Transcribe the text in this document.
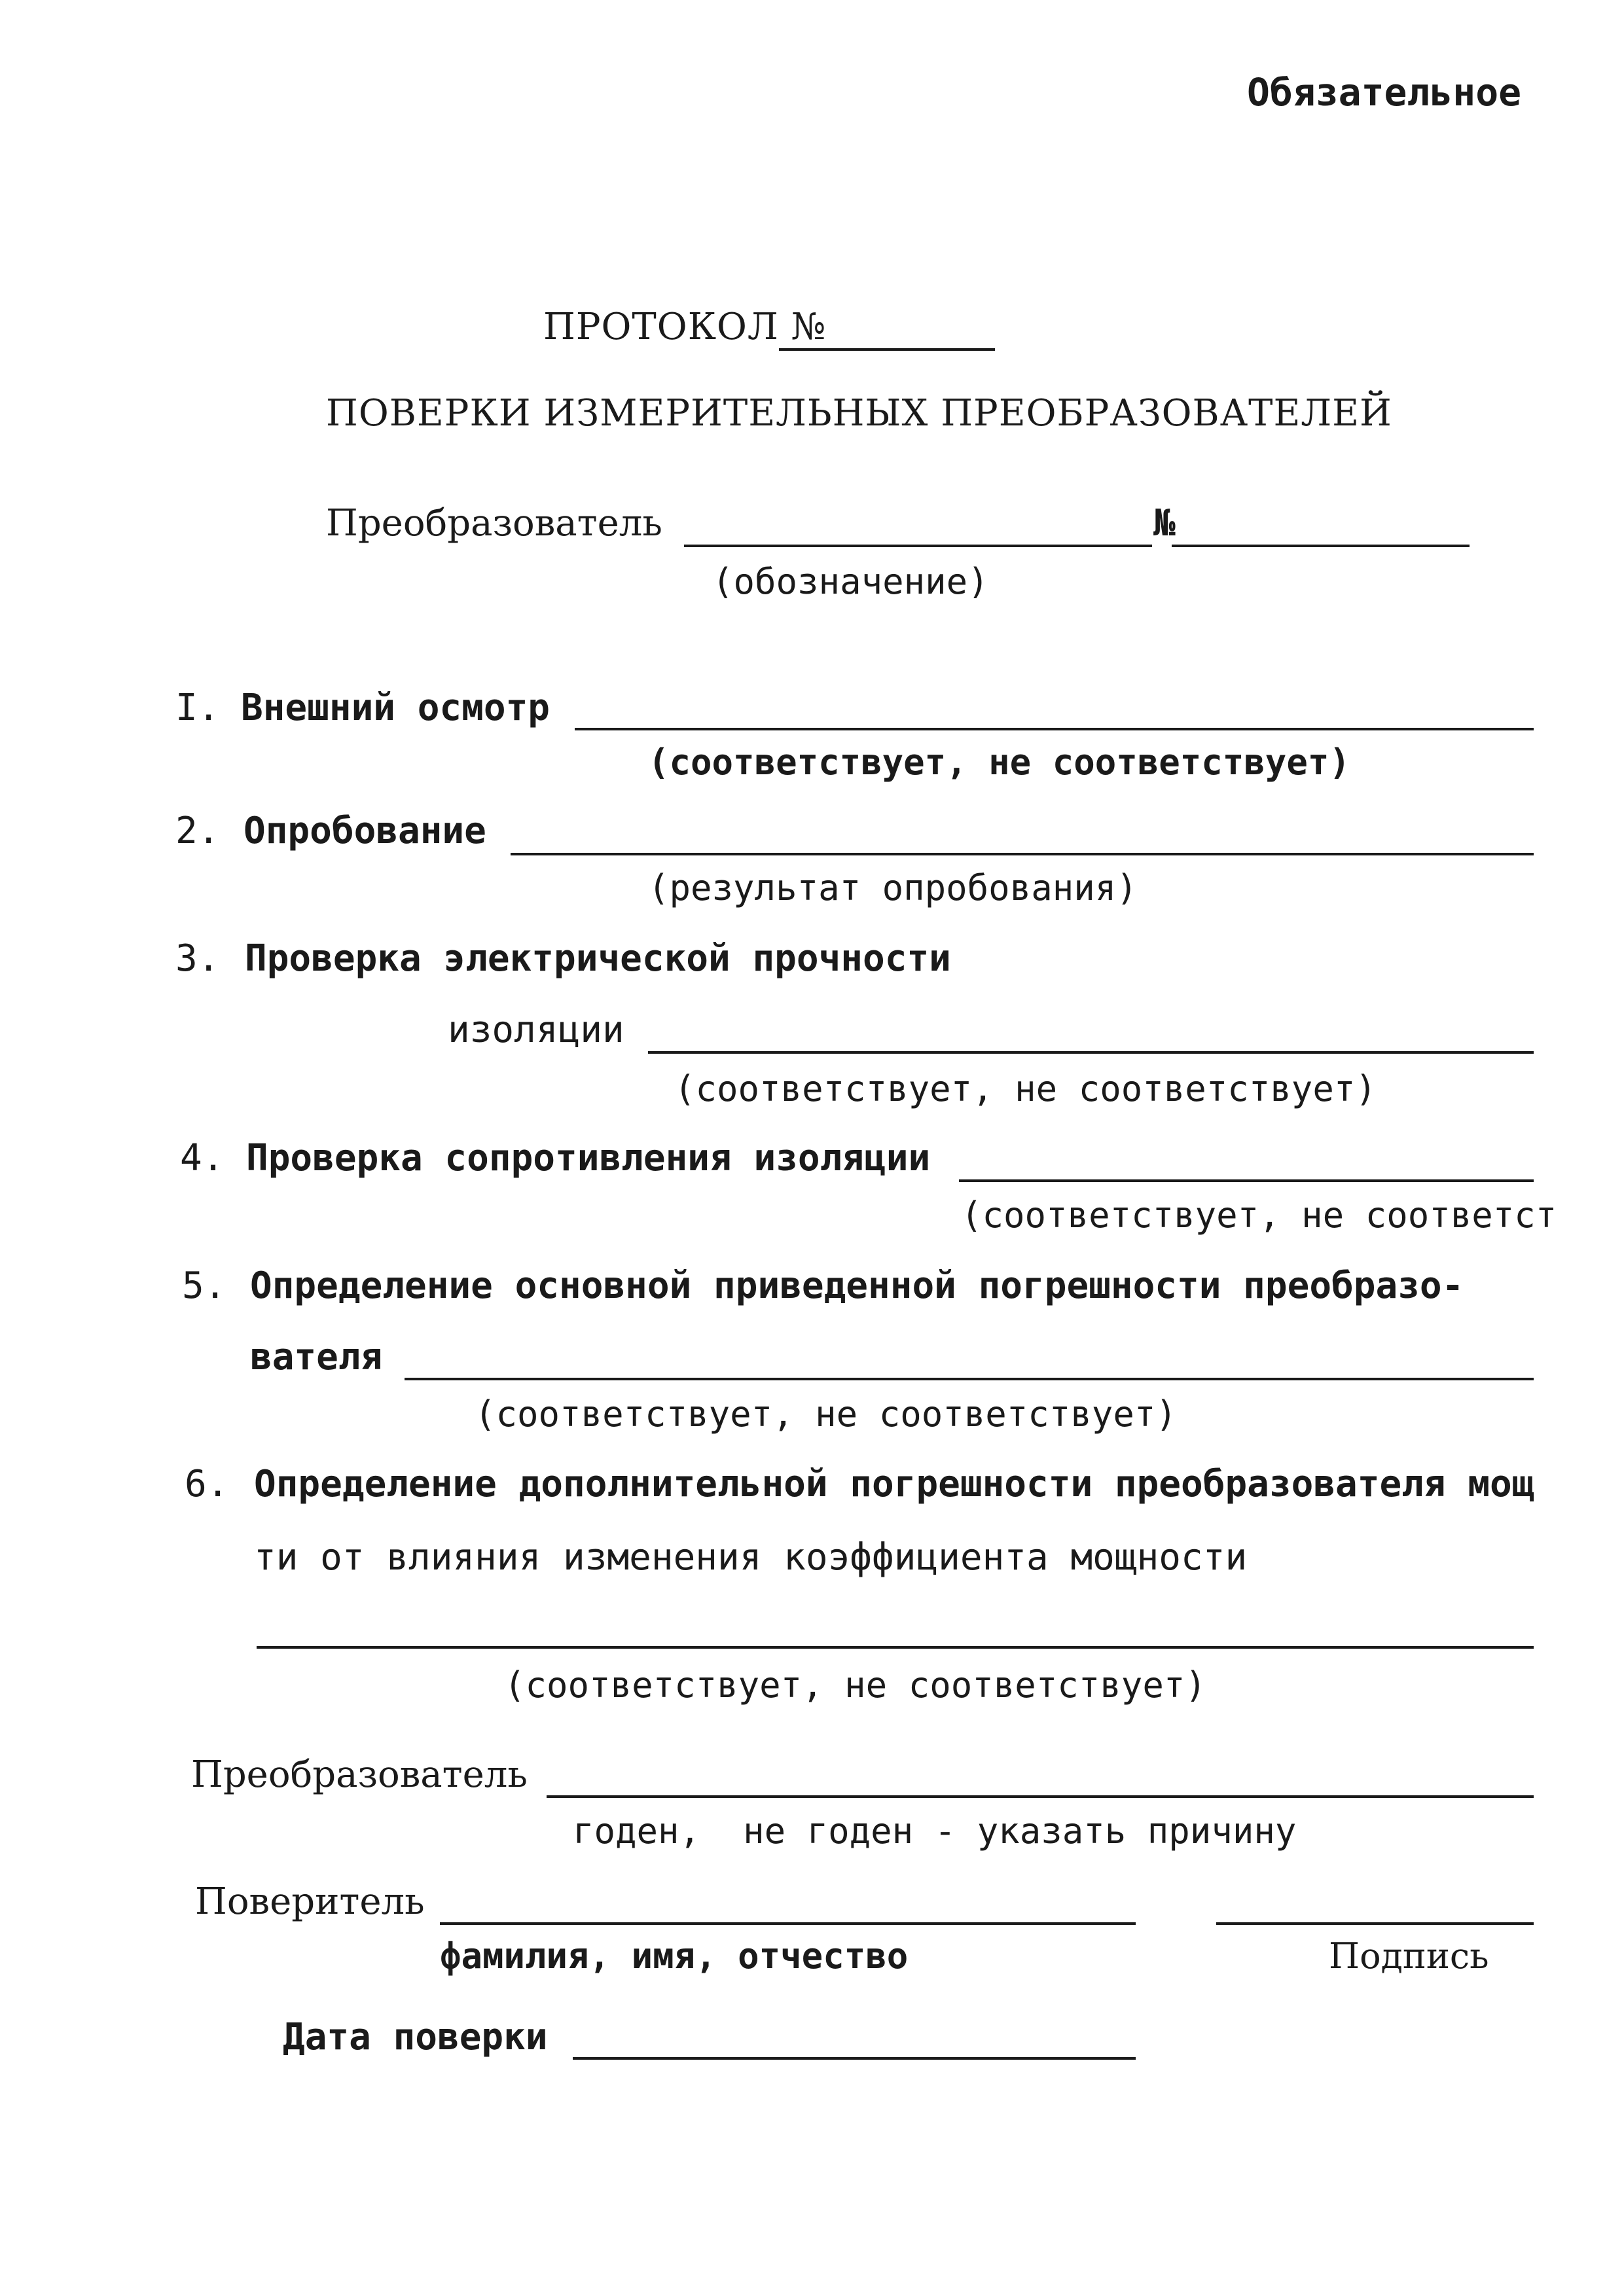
Обязательное
ПРОТОКОЛ №
ПОВЕРКИ ИЗМЕРИТЕЛЬНЫХ ПРЕОБРАЗОВАТЕЛЕЙ
Преобразователь	№
(обозначение)
I. Внешний осмотр
(соответствует, не соответствует)
2. Опробование
(результат опробования)
3. Проверка электрической прочности
изоляции
(соответствует, не соответствует)
4. Проверка сопротивления изоляции
(соответствует, не соответст
5. Определение основной приведенной погрешности преобразо-
вателя
(соответствует, не соответствует)
6. Определение дополнительной погрешности преобразователя мощ
ти от влияния изменения коэффициента мощности
(соответствует, не соответствует)
Преобразователь
годен,  не годен - указать причину
Поверитель
фамилия, имя, отчество	Подпись
Дата поверки
